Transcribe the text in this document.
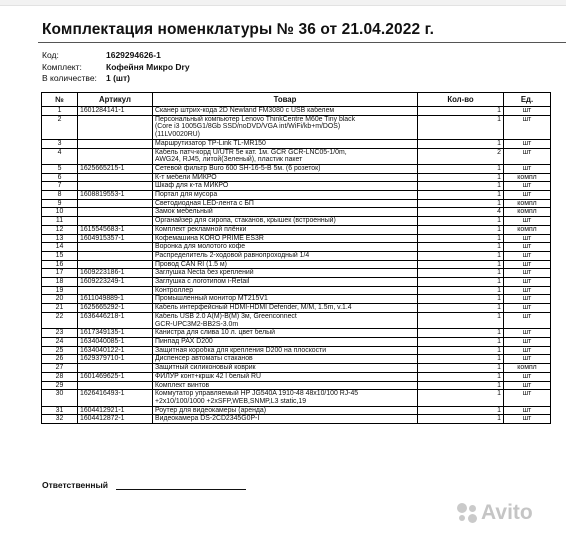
Комплектация номенклатуры № 36 от 21.04.2022 г.
Код:	1629294626-1
Комплект:	Кофейня Микро Dry
В количестве: 1 (шт)
№	Артикул	Товар	Кол-во	Ед.
1	1601284141-1	Сканер штрих-кода 2D Newland FM3080 с USB кабелем	1	шт
2		Персональный компьютер Lenovo ThinkCentre M60e Tiny black
(Core i3 1005G1/8Gb SSD/noDVD/VGA int/WiFi/kb+m/DOS)
(11LV0020RU)	1	шт
3		Маршрутизатор TP-Link TL-MR150	1	шт
4		Кабель патч-корд U/UTR 5е кат. 1м. GCR GCR-LNC05-1/0m,
AWG24, RJ45, литой(Зеленый), пластик пакет	2	шт
5	1625665215-1	Сетевой фильтр Buro 600 SH-16-5-B 5м. (6 розеток)	1	шт
6		К-т мебели МИКРО	1	компл
7		Шкаф для к-та МИКРО	1	шт
8	1608819553-1	Портал для мусора	1	шт
9		Светодиодная LED-лента с БП	1	компл
10		Замок мебельный	4	компл
11		Органайзер для сиропа, стаканов, крышек (встроенный)	1	шт
12	1615545683-1	Комплект рекламной плёнки	1	компл
13	1604915357-1	Кофемашина KORO PRIME ES3R	1	шт
14		Воронка для молотого кофе	1	шт
15		Распределитель 2-ходовой равнопроходный 1/4	1	шт
16		Провод CAN RI (1.5 м)	1	шт
17	1609223186-1	Заглушка Necta без креплений	1	шт
18	1609223249-1	Заглушка с логотипом i-Retail	1	шт
19		Контроллер	1	шт
20	1611049889-1	Промышленный монитор MT215V1	1	шт
21	1625665292-1	Кабель интерфейсный HDMI-HDMI Defender, M/M, 1.5m, v.1.4	1	шт
22	1636446218-1	Кабель USB 2.0 A(M)-B(M) 3м, Greenconnect
GCR-UPC3M2-BB2S-3.0m	1	шт
23	1617349135-1	Канистра для слива 10 л. цвет белый	1	шт
24	1634040085-1	Пинпад PAX D200	1	шт
25	1634040122-1	Защитная коробка для крепления D200 на плоскости	1	шт
26	1629379710-1	Диспенсер автоматы стаканов	1	шт
27		Защитный силиконовый коврик	1	компл
28	1601469625-1	ФИЛУР конт+кршк 42 l белый RU	1	шт
29		Комплект винтов	1	шт
30	1626416493-1	Коммутатор управляемый HP JG540A 1910-48 48x10/100 RJ-45
+2x10/100/1000 +2xSFP,WEB,SNMP,L3 static,19	1	шт
31	1604412921-1	Роутер для видеокамеры (аренда)	1	шт
32	1604412872-1	Видеокамера DS-2CD2345G0P-I	1	шт
Ответственный
Avito
